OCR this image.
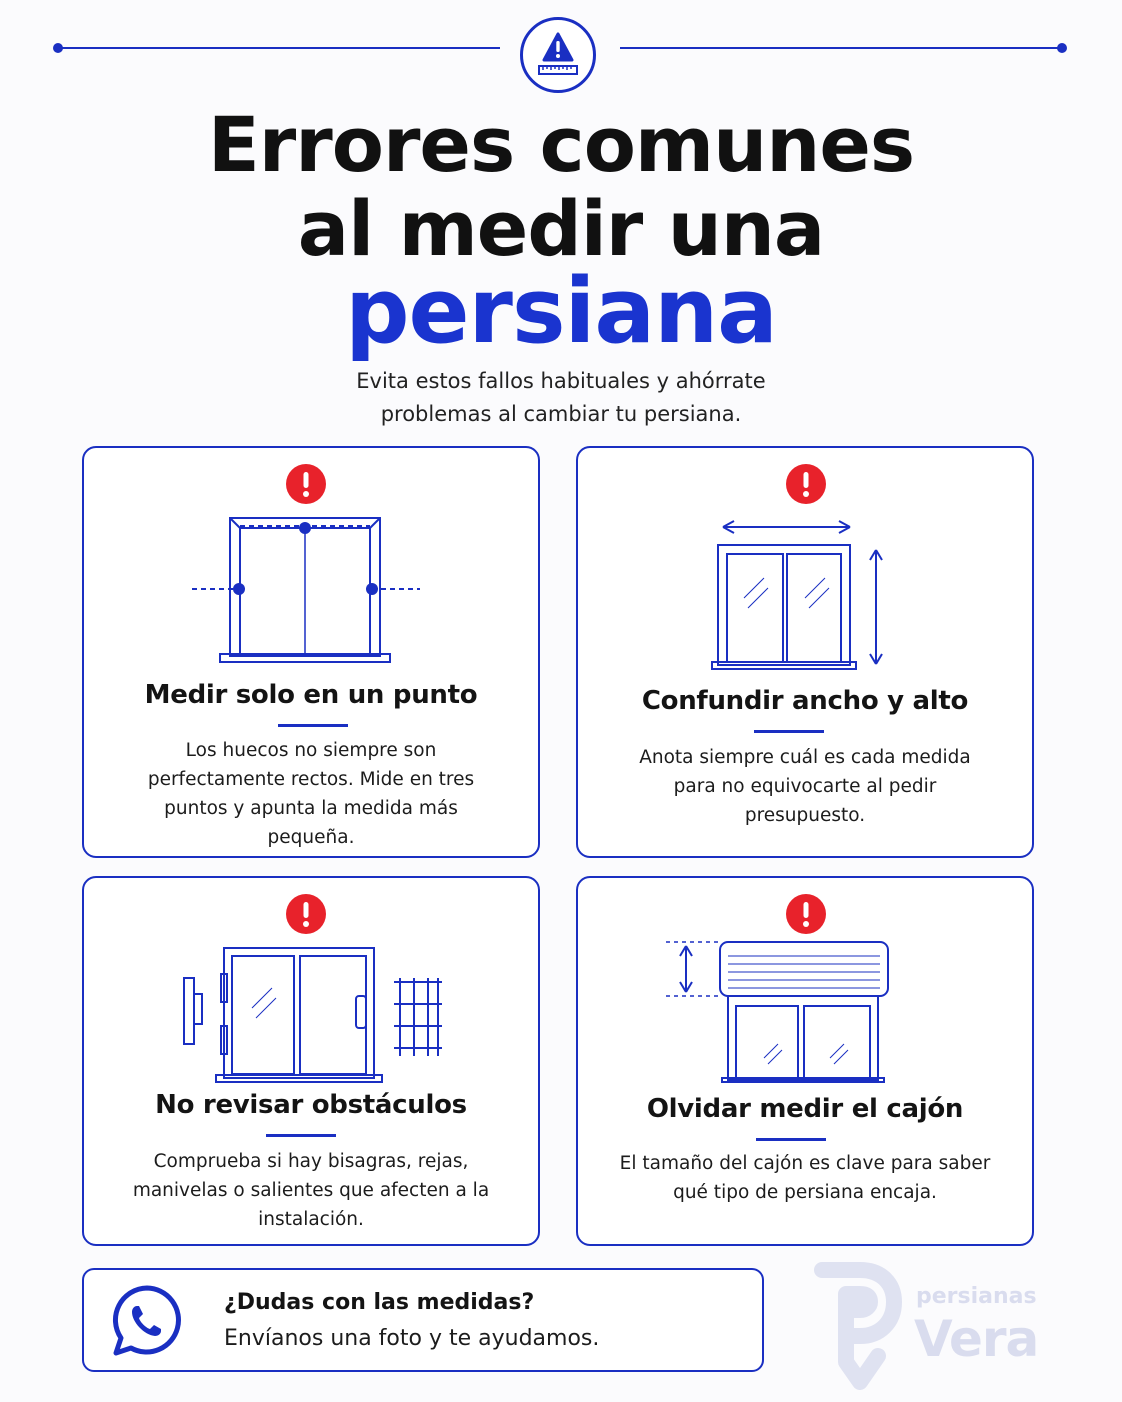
Errores comunes
al medir una
persiana
Evita estos fallos habituales y ahórrate
problemas al cambiar tu persiana.
Medir solo en un punto

Los huecos no siempre son perfectamente rectos. Mide en tres puntos y apunta la medida más pequeña.

Confundir ancho y alto

Anota siempre cuál es cada medida para no equivocarte al pedir presupuesto.

No revisar obstáculos

Comprueba si hay bisagras, rejas, manivelas o salientes que afecten a la instalación.

Olvidar medir el cajón

El tamaño del cajón es clave para saber qué tipo de persiana encaja.

¿Dudas con las medidas?
Envíanos una foto y te ayudamos.
persianas
Vera
